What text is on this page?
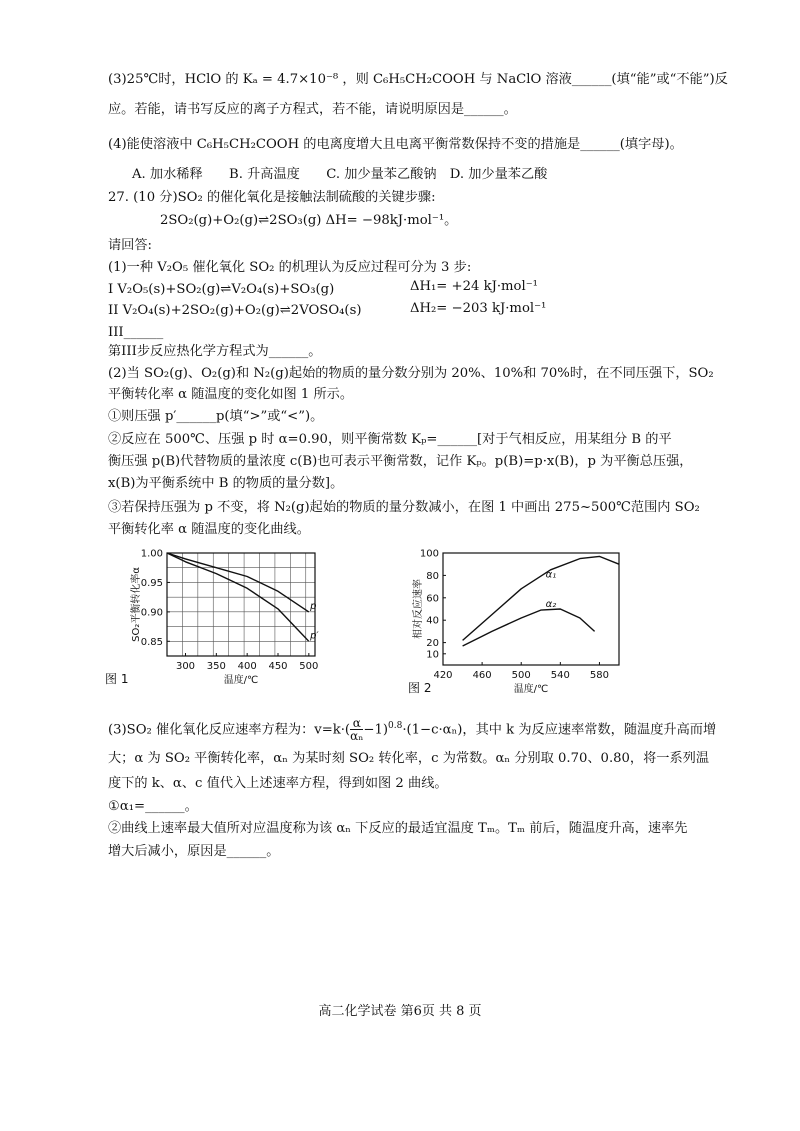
(3)25℃时，HClO 的 Kₐ = 4.7×10⁻⁸ ，则 C₆H₅CH₂COOH 与 NaClO 溶液______(填“能”或“不能”)反
应。若能，请书写反应的离子方程式，若不能，请说明原因是______。
(4)能使溶液中 C₆H₅CH₂COOH 的电离度增大且电离平衡常数保持不变的措施是______(填字母)。
A. 加水稀释　　B. 升高温度　　C. 加少量苯乙酸钠　D. 加少量苯乙酸
27. (10 分)SO₂ 的催化氧化是接触法制硫酸的关键步骤:
2SO₂(g)+O₂(g)⇌2SO₃(g) ΔH= −98kJ·mol⁻¹。
请回答:
(1)一种 V₂O₅ 催化氧化 SO₂ 的机理认为反应过程可分为 3 步:
I V₂O₅(s)+SO₂(g)⇌V₂O₄(s)+SO₃(g)	ΔH₁= +24 kJ·mol⁻¹
II V₂O₄(s)+2SO₂(g)+O₂(g)⇌2VOSO₄(s)	ΔH₂= −203 kJ·mol⁻¹
III______
第III步反应热化学方程式为______。
(2)当 SO₂(g)、O₂(g)和 N₂(g)起始的物质的量分数分别为 20%、10%和 70%时，在不同压强下，SO₂
平衡转化率 α 随温度的变化如图 1 所示。
①则压强 p′______p(填“>”或“<”)。
②反应在 500℃、压强 p 时 α=0.90，则平衡常数 Kₚ=______[对于气相反应，用某组分 B 的平
衡压强 p(B)代替物质的量浓度 c(B)也可表示平衡常数，记作 Kₚ。p(B)=p·x(B)，p 为平衡总压强，
x(B)为平衡系统中 B 的物质的量分数]。
③若保持压强为 p 不变，将 N₂(g)起始的物质的量分数减小，在图 1 中画出 275~500℃范围内 SO₂
平衡转化率 α 随温度的变化曲线。
300 350 400 450 500
0.85
0.90
0.95
1.00
p
p′
温度/℃
SO₂平衡转化率α
图 1	420 460 500 540 580
10
20
40
60
80
100
α₁
α₂
温度/℃
相对反应速率
图 2
(3)SO₂ 催化氧化反应速率方程为：$v=k\cdot( \frac{\alpha}{\text{αₙ}} -1)^{0.8}\cdot(1-c\cdot\alpha_n)$，其中 k 为反应速率常数，随温度升高而增
大；α 为 SO₂ 平衡转化率，αₙ 为某时刻 SO₂ 转化率，c 为常数。αₙ 分别取 0.70、0.80，将一系列温
度下的 k、α、c 值代入上述速率方程，得到如图 2 曲线。
①α₁=______。
②曲线上速率最大值所对应温度称为该 αₙ 下反应的最适宜温度 Tₘ。Tₘ 前后，随温度升高，速率先
增大后减小，原因是______。
高二化学试卷 第6页 共 8 页
